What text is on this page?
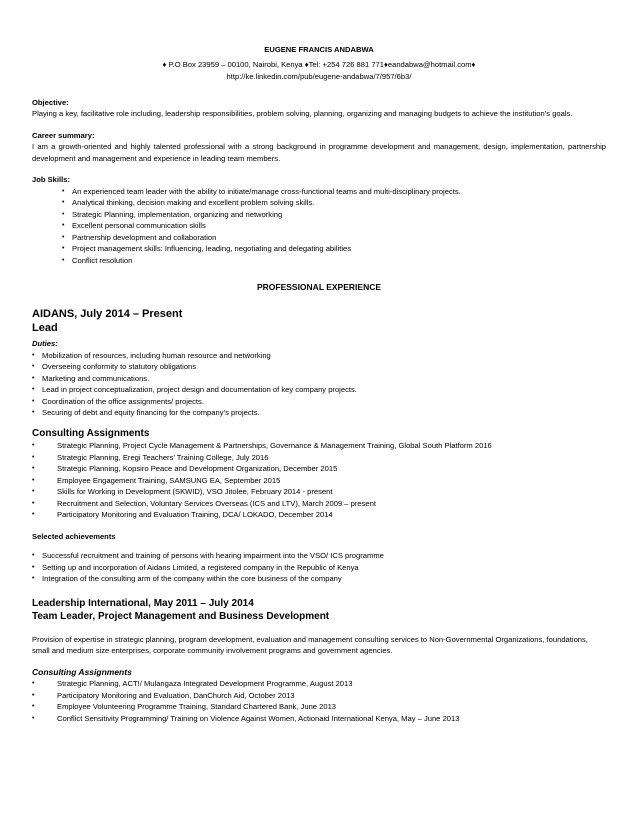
EUGENE FRANCIS ANDABWA
♦ P.O Box 23959 – 00100, Nairobi, Kenya ♦Tel: +254 726 881 771♦eandabwa@hotmail.com♦
http://ke.linkedin.com/pub/eugene-andabwa/7/957/6b3/
Objective:
Playing a key, facilitative role including, leadership responsibilities, problem solving, planning, organizing and managing budgets to achieve the institution’s goals.
Career summary:
I am a growth-oriented and highly talented professional with a strong background in programme development and management, design, implementation, partnership development and management and experience in leading team members.
Job Skills:
• An experienced team leader with the ability to initiate/manage cross-functional teams and multi-disciplinary projects.
• Analytical thinking, decision making and excellent problem solving skills.
• Strategic Planning, implementation, organizing and networking
• Excellent personal communication skills
• Partnership development and collaboration
• Project management skills: Influencing, leading, negotiating and delegating abilities
• Conflict resolution
PROFESSIONAL EXPERIENCE
AIDANS, July 2014 – Present
Lead
Duties:
• Mobilization of resources, including human resource and networking
• Overseeing conformity to statutory obligations
• Marketing and communications.
• Lead in project conceptualization, project design and documentation of key company projects.
• Coordination of the office assignments/ projects.
• Securing of debt and equity financing for the company’s projects.
Consulting Assignments
•	Strategic Planning, Project Cycle Management & Partnerships, Governance & Management Training, Global South Platform 2016
•	Strategic Planning, Eregi Teachers’ Training College, July 2016
•	Strategic Planning, Kopsiro Peace and Development Organization, December 2015
•	Employee Engagement Training, SAMSUNG EA, September 2015
•	Skills for Working in Development (SKWID), VSO Jitolee, February 2014 - present
•	Recruitment and Selection, Voluntary Services Overseas (ICS and LTV), March 2009 – present
•	Participatory Monitoring and Evaluation Training, DCA/ LOKADO, December 2014
Selected achievements
• Successful recruitment and training of persons with hearing impairment into the VSO/ ICS programme
• Setting up and incorporation of Aidans Limited, a registered company in the Republic of Kenya
• Integration of the consulting arm of the company within the core business of the company
Leadership International, May 2011 – July 2014
Team Leader, Project Management and Business Development
Provision of expertise in strategic planning, program development, evaluation and management consulting services to Non-Governmental Organizations, foundations, small and medium size enterprises, corporate community involvement programs and government agencies.
Consulting Assignments
•	Strategic Planning, ACT!/ Mulangaza Integrated Development Programme, August 2013
•	Participatory Monitoring and Evaluation, DanChurch Aid, October 2013
•	Employee Volunteering Programme Training, Standard Chartered Bank, June 2013
•	Conflict Sensitivity Programming/ Training on Violence Against Women, Actionaid International Kenya, May – June 2013
